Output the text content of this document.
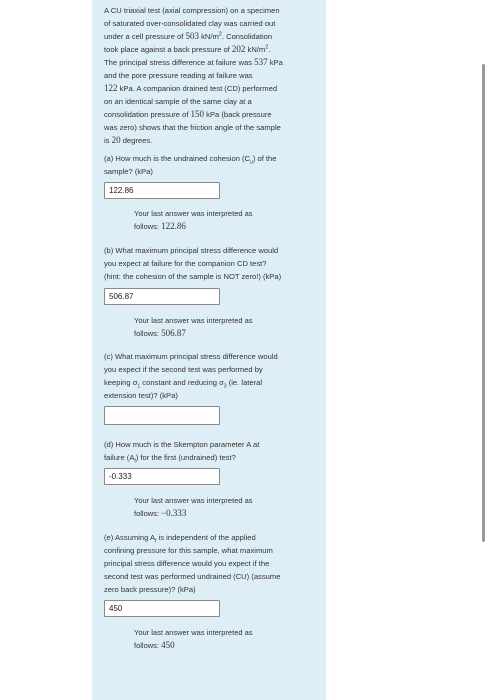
A CU triaxial test (axial compression) on a specimen
of saturated over-consolidated clay was carried out
under a cell pressure of 503 $kN/m^2$. Consolidation
took place against a back pressure of 202 $kN/m^2$.
The principal stress difference at failure was 537 kPa
and the pore pressure reading at failure was
122 kPa. A companion drained test (CD) performed
on an identical sample of the same clay at a
consolidation pressure of 150 kPa (back pressure
was zero) shows that the friction angle of the sample
is 20 degrees.
(a) How much is the undrained cohesion $(C_u)$ of the
sample? (kPa)
122.86
Your last answer was interpreted as
follows: 122.86
(b) What maximum principal stress difference would
you expect at failure for the companion CD test?
(hint: the cohesion of the sample is NOT zero!) (kPa)
506.87
Your last answer was interpreted as
follows: 506.87
(c) What maximum principal stress difference would
you expect if the second test was performed by
keeping $\sigma_1$ constant and reducing $\sigma_3$ (ie. lateral
extension test)? (kPa)
(d) How much is the Skempton parameter A at
failure $(A_f)$ for the first (undrained) test?
-0.333
Your last answer was interpreted as
follows: −0.333
(e) Assuming $A_f$ is independent of the applied
confining pressure for this sample, what maximum
principal stress difference would you expect if the
second test was performed undrained (CU) (assume
zero back pressure)? (kPa)
450
Your last answer was interpreted as
follows: 450
